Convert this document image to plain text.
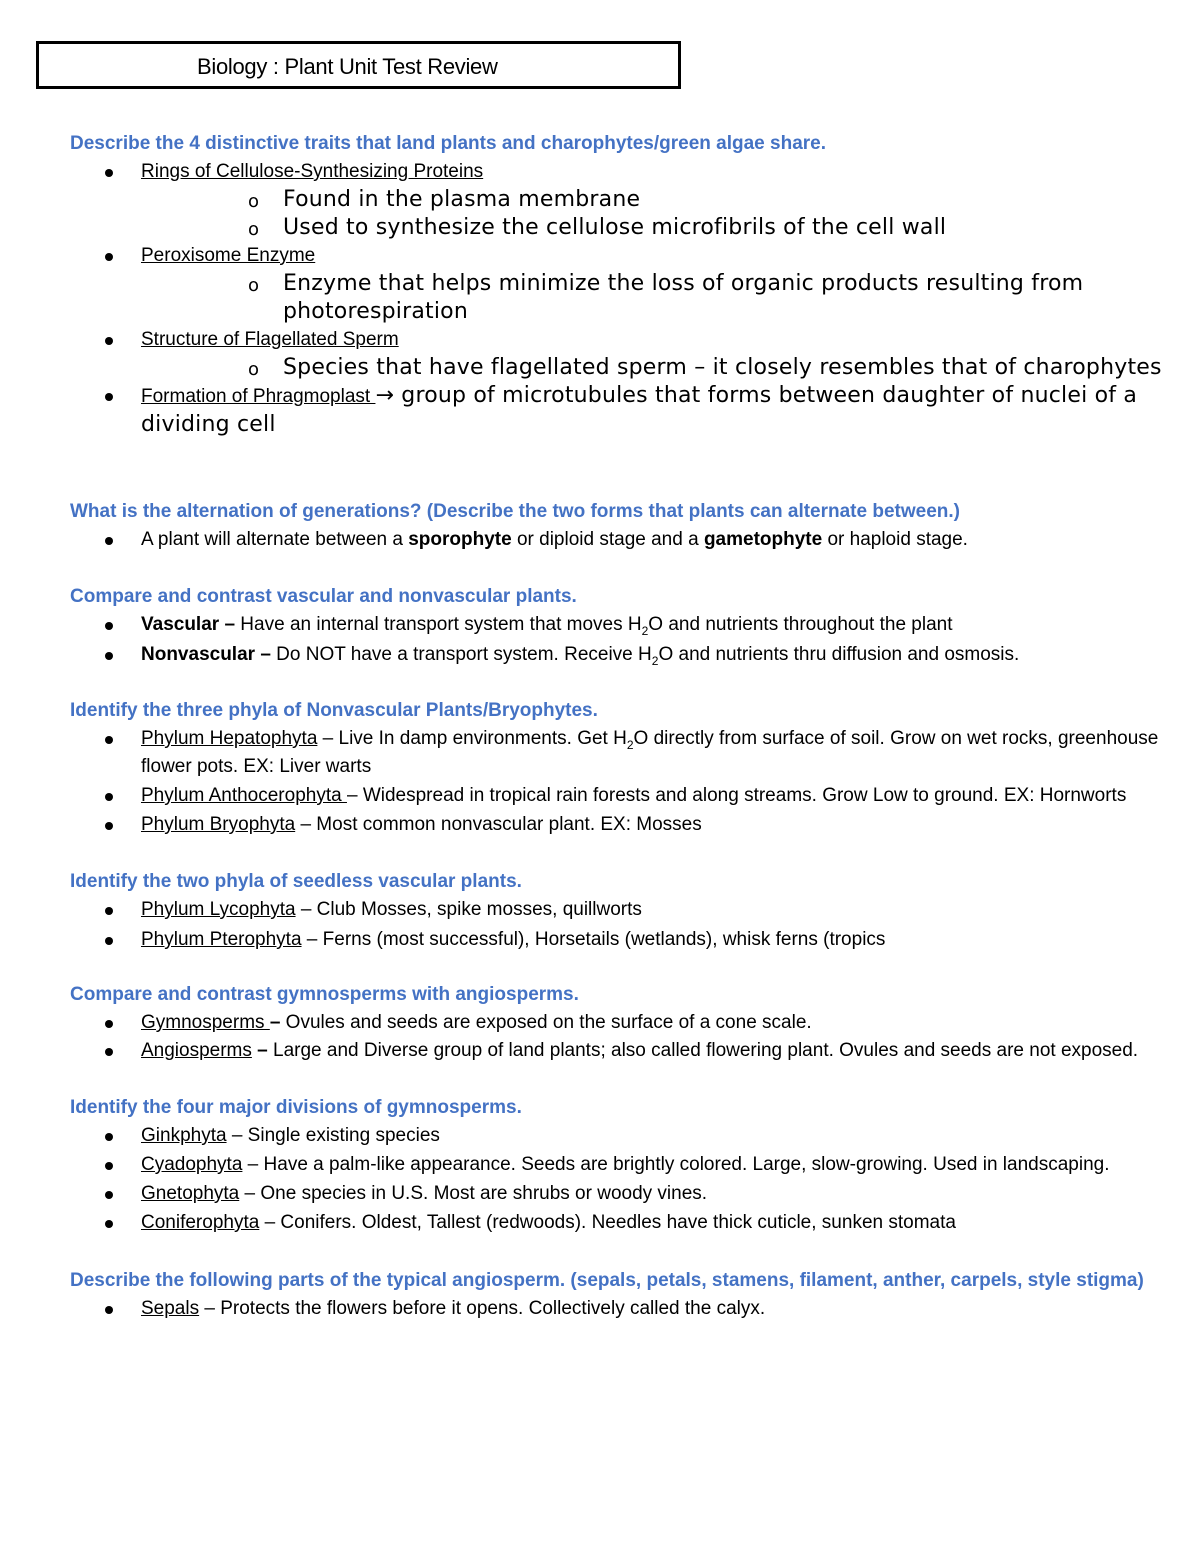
Biology : Plant Unit Test Review

Describe the 4 distinctive traits that land plants and charophytes/green algae share.

Rings of Cellulose-Synthesizing Proteins
o Found in the plasma membrane
o Used to synthesize the cellulose microfibrils of the cell wall
Peroxisome Enzyme
o Enzyme that helps minimize the loss of organic products resulting from photorespiration
Structure of Flagellated Sperm
o Species that have flagellated sperm – it closely resembles that of charophytes
Formation of Phragmoplast → group of microtubules that forms between daughter of nuclei of a dividing cell

What is the alternation of generations? (Describe the two forms that plants can alternate between.)

A plant will alternate between a sporophyte or diploid stage and a gametophyte or haploid stage.

Compare and contrast vascular and nonvascular plants.

Vascular – Have an internal transport system that moves $H_2O$ and nutrients throughout the plant
Nonvascular – Do NOT have a transport system. Receive $H_2O$ and nutrients thru diffusion and osmosis.

Identify the three phyla of Nonvascular Plants/Bryophytes.

Phylum Hepatophyta – Live In damp environments. Get $H_2O$ directly from surface of soil. Grow on wet rocks, greenhouse flower pots. EX: Liver warts
Phylum Anthocerophyta – Widespread in tropical rain forests and along streams. Grow Low to ground. EX: Hornworts
Phylum Bryophyta – Most common nonvascular plant. EX: Mosses

Identify the two phyla of seedless vascular plants.

Phylum Lycophyta – Club Mosses, spike mosses, quillworts
Phylum Pterophyta – Ferns (most successful), Horsetails (wetlands), whisk ferns (tropics

Compare and contrast gymnosperms with angiosperms.

Gymnosperms – Ovules and seeds are exposed on the surface of a cone scale.
Angiosperms – Large and Diverse group of land plants; also called flowering plant. Ovules and seeds are not exposed.

Identify the four major divisions of gymnosperms.

Ginkphyta – Single existing species
Cyadophyta – Have a palm-like appearance. Seeds are brightly colored. Large, slow-growing. Used in landscaping.
Gnetophyta – One species in U.S. Most are shrubs or woody vines.
Coniferophyta – Conifers. Oldest, Tallest (redwoods). Needles have thick cuticle, sunken stomata

Describe the following parts of the typical angiosperm. (sepals, petals, stamens, filament, anther, carpels, style stigma)

Sepals – Protects the flowers before it opens. Collectively called the calyx.
